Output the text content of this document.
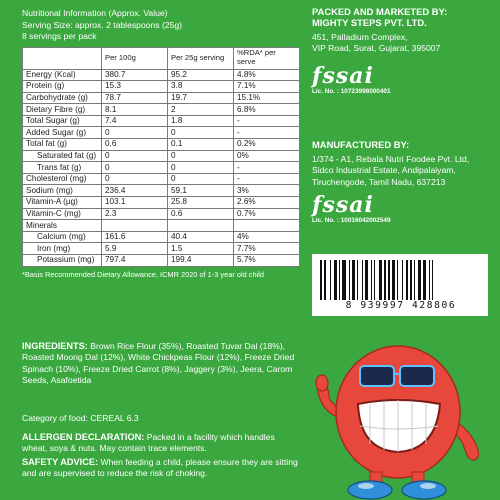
Nutritional Information (Approx. Value)
Serving Size: approx. 2 tablespoons (25g)
8 servings per pack
	Per 100g	Per 25g serving	%RDA* per serve
Energy (Kcal)	380.7	95.2	4.8%
Protein (g)	15.3	3.8	7.1%
Carbohydrate (g)	78.7	19.7	15.1%
Dietary Fibre (g)	8.1	2	6.8%
Total Sugar (g)	7.4	1.8	-
Added Sugar (g)	0	0	-
Total fat (g)	0.6	0.1	0.2%
Saturated fat (g)	0	0	0%
Trans fat (g)	0	0	-
Cholesterol (mg)	0	0	-
Sodium (mg)	236.4	59.1	3%
Vitamin-A (µg)	103.1	25.8	2.6%
Vitamin-C (mg)	2.3	0.6	0.7%
Minerals			
Calcium (mg)	161.6	40.4	4%
Iron (mg)	5.9	1.5	7.7%
Potassium (mg)	797.4	199.4	5.7%
*Basis Recommended Dietary Allowance, ICMR 2020 of 1-3 year old child
INGREDIENTS: Brown Rice Flour (35%), Roasted Tuvar Dal (18%), Roasted Moong Dal (12%), White Chickpeas Flour (12%), Freeze Dried Spinach (10%), Freeze Dried Carrot (8%), Jaggery (3%), Jeera, Carom Seeds, Asafoetida
Category of food: CEREAL 6.3
ALLERGEN DECLARATION: Packed in a facility which handles wheat, soya & nuts. May contain trace elements.
SAFETY ADVICE: When feeding a child, please ensure they are sitting and are supervised to reduce the risk of choking.
PACKED AND MARKETED BY:
MIGHTY STEPS PVT. LTD.
451, Palladium Complex,
VIP Road, Surat, Gujarat, 395007
fssai
Lic. No. : 10723998000401
MANUFACTURED BY:
1/374 - A1, Rebala Nutri Foodee Pvt. Ltd,
Sidco Industrial Estate, Andipalaiyam,
Tiruchengode, Tamil Nadu, 637213
fssai
Lic. No. : 10016042002549
8 939997 428806
